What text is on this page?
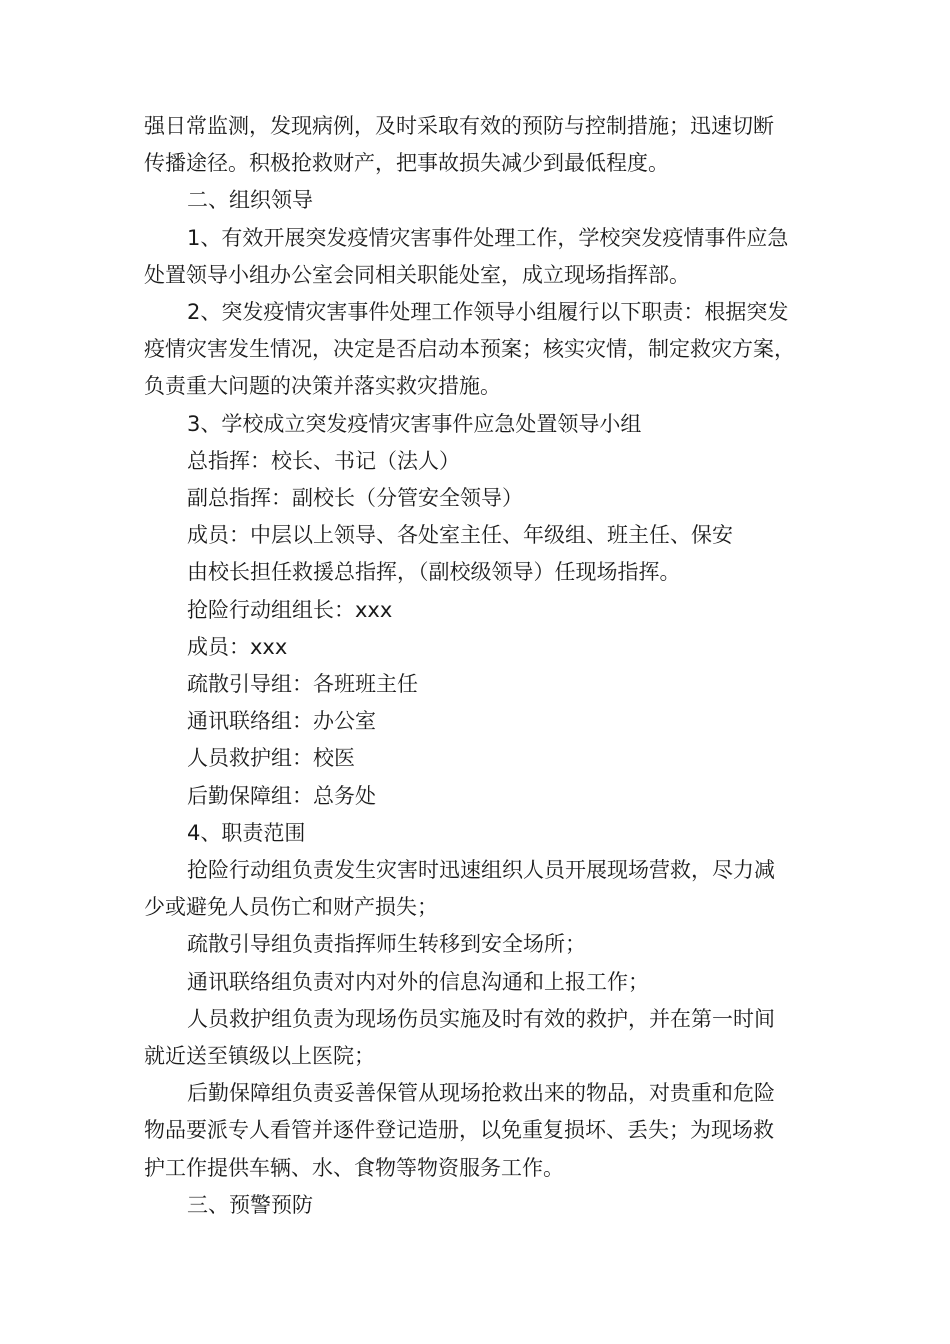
强日常监测，发现病例，及时采取有效的预防与控制措施；迅速切断

传播途径。积极抢救财产，把事故损失减少到最低程度。

二、组织领导

1、有效开展突发疫情灾害事件处理工作，学校突发疫情事件应急

处置领导小组办公室会同相关职能处室，成立现场指挥部。

2、突发疫情灾害事件处理工作领导小组履行以下职责：根据突发

疫情灾害发生情况，决定是否启动本预案；核实灾情，制定救灾方案，

负责重大问题的决策并落实救灾措施。

3、学校成立突发疫情灾害事件应急处置领导小组

总指挥：校长、书记（法人）

副总指挥：副校长（分管安全领导）

成员：中层以上领导、各处室主任、年级组、班主任、保安

由校长担任救援总指挥，（副校级领导）任现场指挥。

抢险行动组组长：xxx

成员：xxx

疏散引导组：各班班主任

通讯联络组：办公室

人员救护组：校医

后勤保障组：总务处

4、职责范围

抢险行动组负责发生灾害时迅速组织人员开展现场营救，尽力减

少或避免人员伤亡和财产损失；

疏散引导组负责指挥师生转移到安全场所；

通讯联络组负责对内对外的信息沟通和上报工作；

人员救护组负责为现场伤员实施及时有效的救护，并在第一时间

就近送至镇级以上医院；

后勤保障组负责妥善保管从现场抢救出来的物品，对贵重和危险

物品要派专人看管并逐件登记造册，以免重复损坏、丢失；为现场救

护工作提供车辆、水、食物等物资服务工作。

三、预警预防
